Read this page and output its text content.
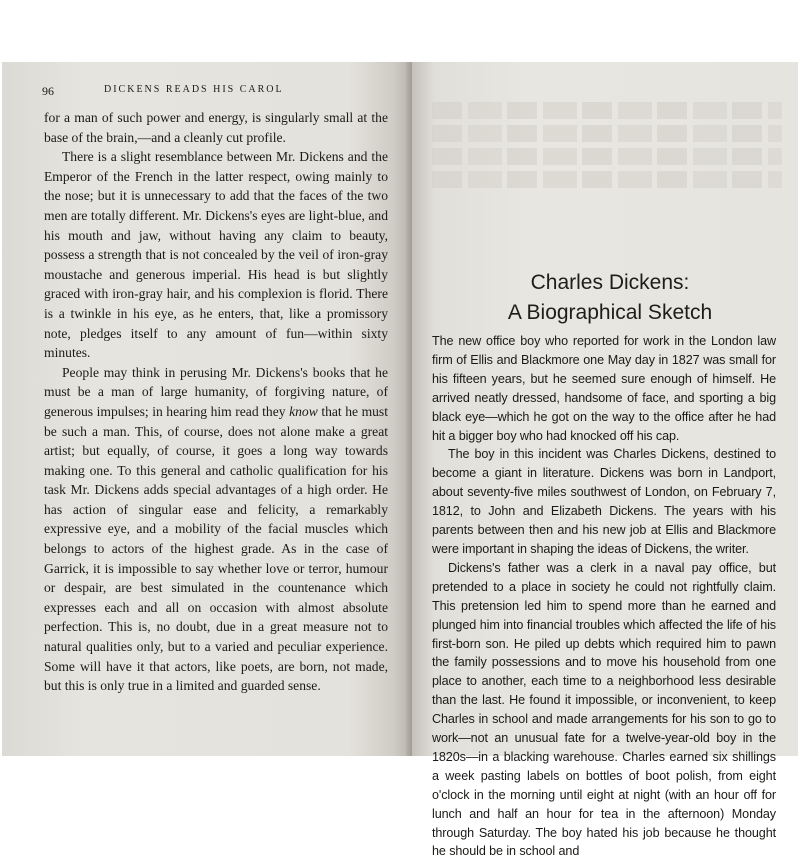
96	DICKENS READS HIS CAROL

for a man of such power and energy, is singularly small at the base of the brain,—and a cleanly cut profile.

There is a slight resemblance between Mr. Dickens and the Emperor of the French in the latter respect, owing mainly to the nose; but it is unnecessary to add that the faces of the two men are totally different. Mr. Dickens's eyes are light-blue, and his mouth and jaw, without having any claim to beauty, possess a strength that is not concealed by the veil of iron-gray moustache and generous imperial. His head is but slightly graced with iron-gray hair, and his complexion is florid. There is a twinkle in his eye, as he enters, that, like a promissory note, pledges itself to any amount of fun—within sixty minutes.

People may think in perusing Mr. Dickens's books that he must be a man of large humanity, of forgiving nature, of generous impulses; in hearing him read they know that he must be such a man. This, of course, does not alone make a great artist; but equally, of course, it goes a long way towards making one. To this general and catholic qualification for his task Mr. Dickens adds special advantages of a high order. He has action of singular ease and felicity, a remarkably expressive eye, and a mobility of the facial muscles which belongs to actors of the highest grade. As in the case of Garrick, it is impossible to say whether love or terror, humour or despair, are best simulated in the countenance which expresses each and all on occasion with almost absolute perfection. This is, no doubt, due in a great measure not to natural qualities only, but to a varied and peculiar experience. Some will have it that actors, like poets, are born, not made, but this is only true in a limited and guarded sense.

Charles Dickens:
A Biographical Sketch

The new office boy who reported for work in the London law firm of Ellis and Blackmore one May day in 1827 was small for his fifteen years, but he seemed sure enough of himself. He arrived neatly dressed, handsome of face, and sporting a big black eye—which he got on the way to the office after he had hit a bigger boy who had knocked off his cap.

The boy in this incident was Charles Dickens, destined to become a giant in literature. Dickens was born in Landport, about seventy-five miles southwest of London, on February 7, 1812, to John and Elizabeth Dickens. The years with his parents between then and his new job at Ellis and Blackmore were important in shaping the ideas of Dickens, the writer.

Dickens's father was a clerk in a naval pay office, but pretended to a place in society he could not rightfully claim. This pretension led him to spend more than he earned and plunged him into financial troubles which affected the life of his first-born son. He piled up debts which required him to pawn the family possessions and to move his household from one place to another, each time to a neighborhood less desirable than the last. He found it impossible, or inconvenient, to keep Charles in school and made arrangements for his son to go to work—not an unusual fate for a twelve-year-old boy in the 1820s—in a blacking warehouse. Charles earned six shillings a week pasting labels on bottles of boot polish, from eight o'clock in the morning until eight at night (with an hour off for lunch and half an hour for tea in the afternoon) Monday through Saturday. The boy hated his job because he thought he should be in school and
